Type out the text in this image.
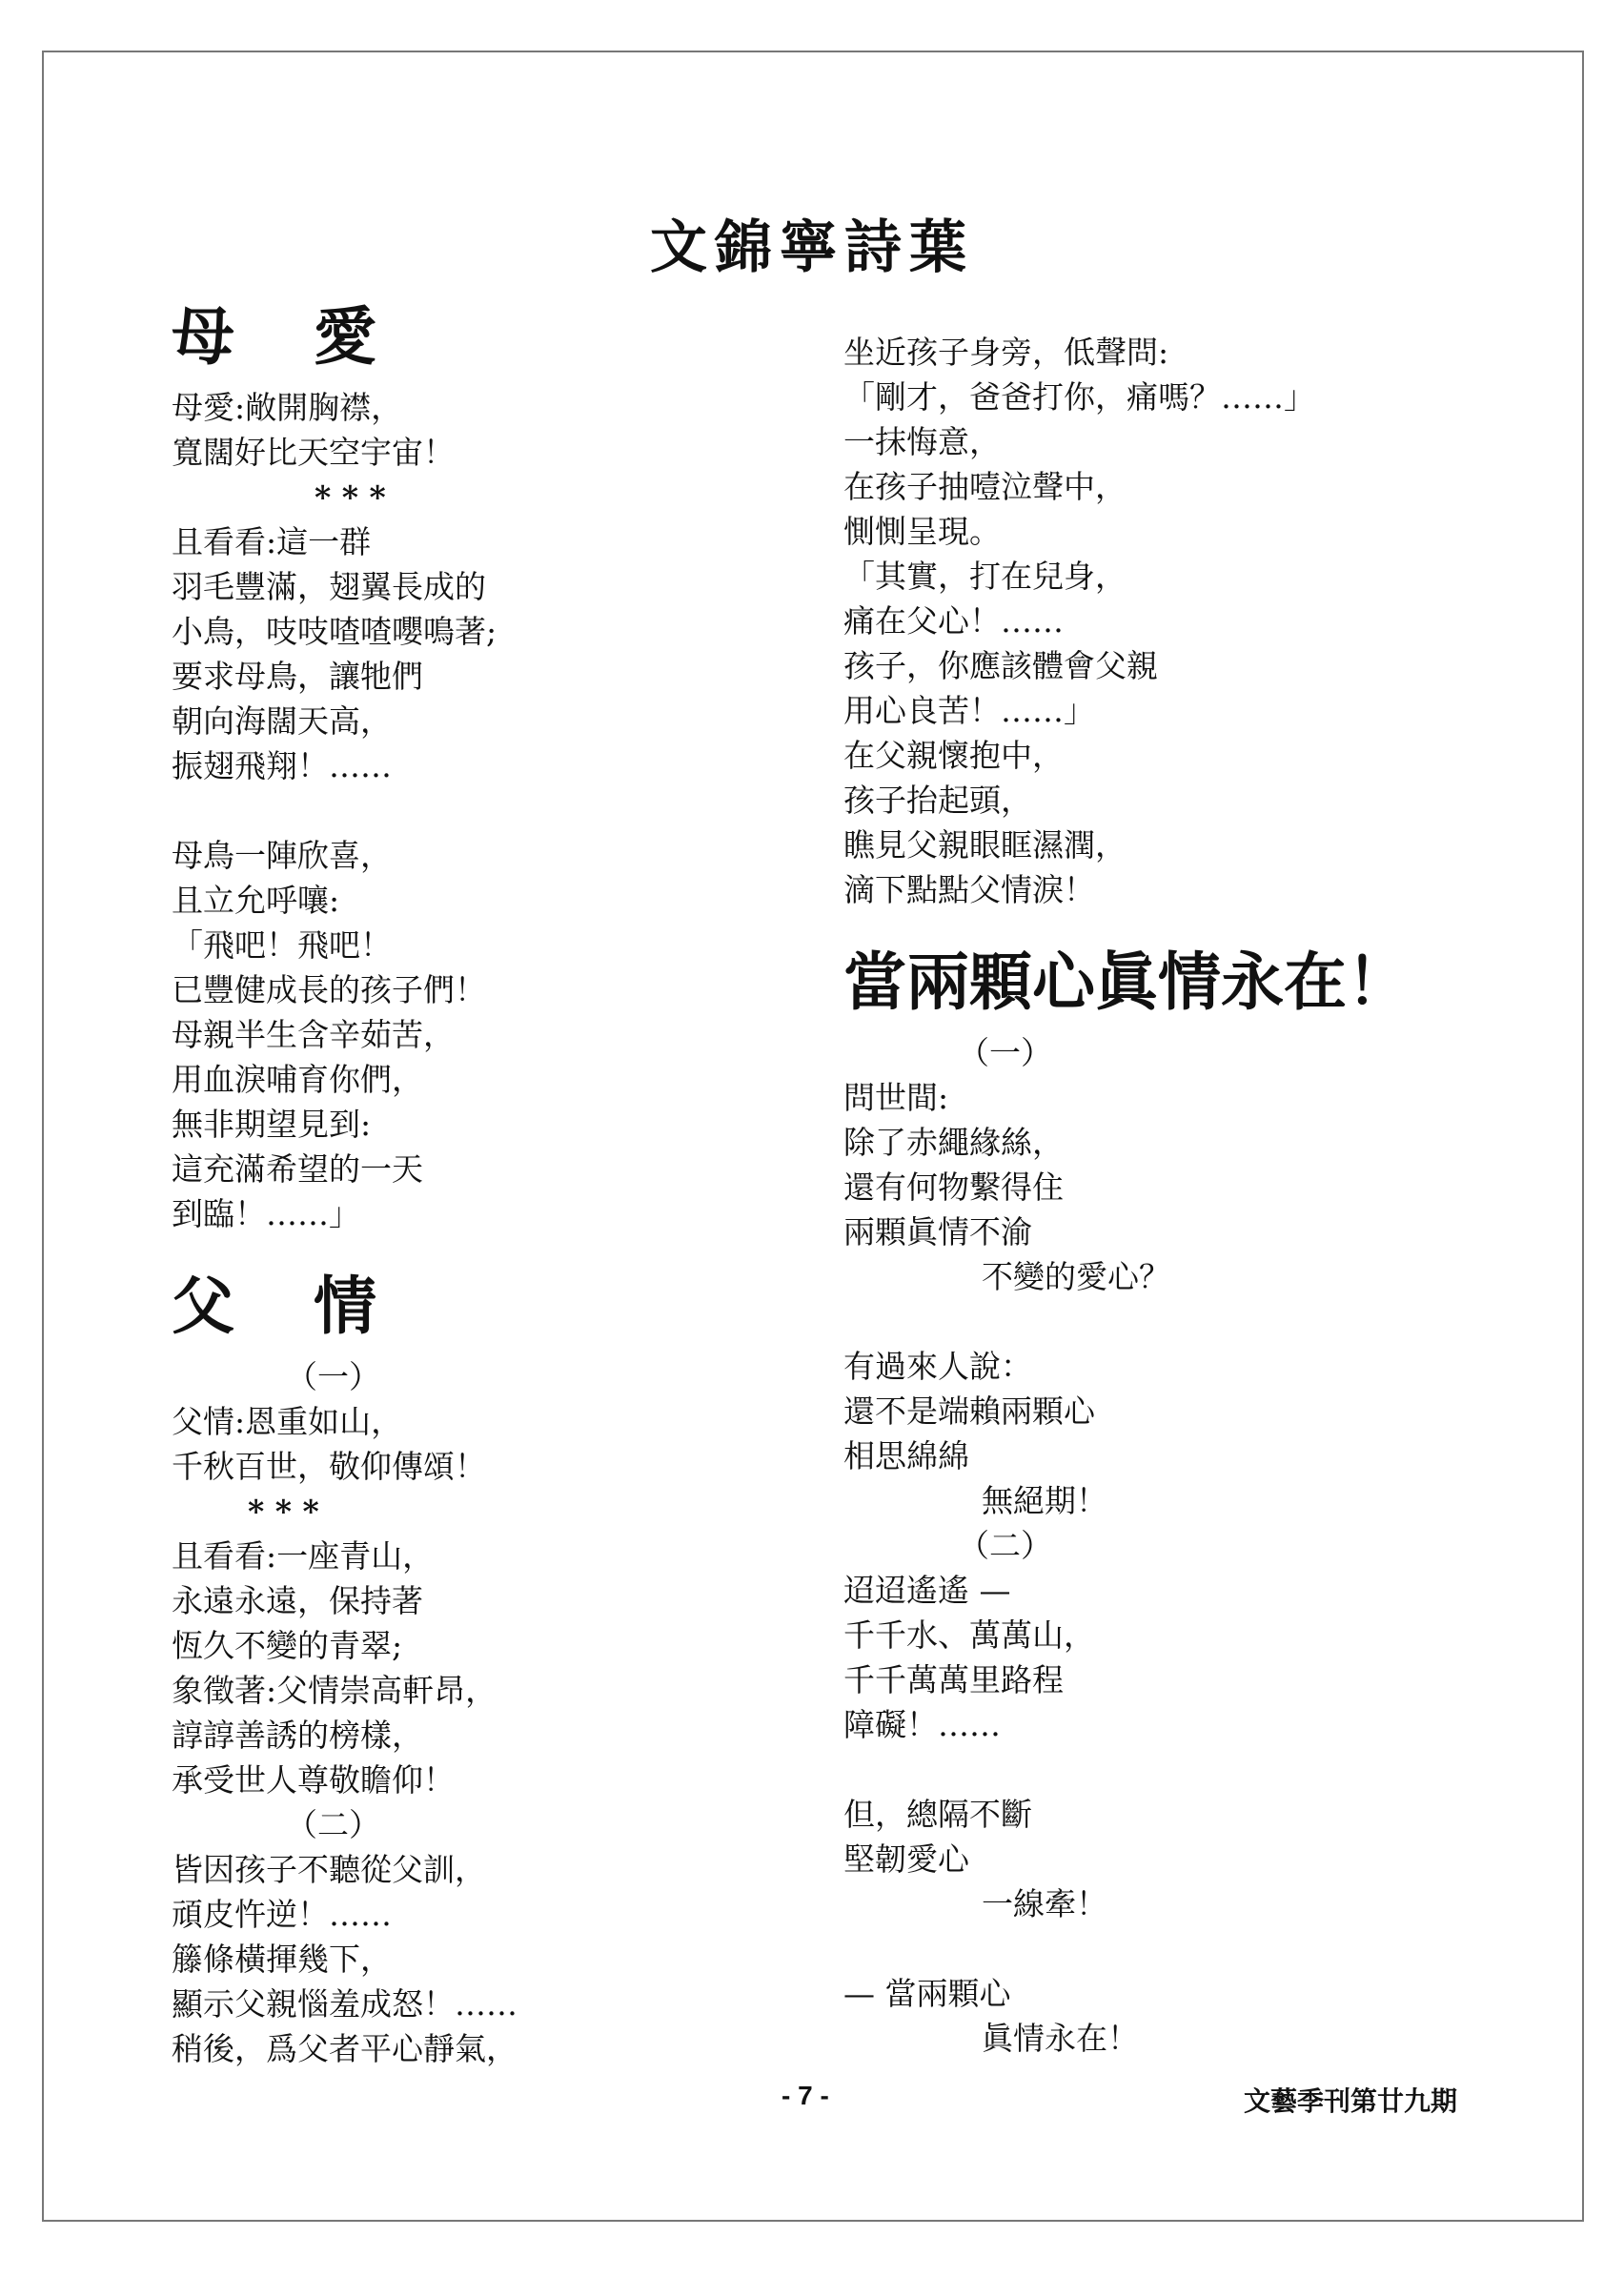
文錦寧詩葉
母 愛
母愛:敞開胸襟，
寬闊好比天空宇宙！
* * *
且看看:這一群
羽毛豐滿，翅翼長成的
小鳥，吱吱喳喳嚶鳴著;
要求母鳥，讓牠們
朝向海闊天高，
振翅飛翔！……
母鳥一陣欣喜，
且立允呼嚷:
「飛吧！飛吧！
已豐健成長的孩子們！
母親半生含辛茹苦，
用血淚哺育你們，
無非期望見到:
這充滿希望的一天
到臨！……」
父 情
（一）
父情:恩重如山，
千秋百世，敬仰傳頌！
* * *
且看看:一座青山，
永遠永遠，保持著
恆久不變的青翠;
象徵著:父情崇高軒昂，
諄諄善誘的榜樣，
承受世人尊敬瞻仰！
（二）
皆因孩子不聽從父訓，
頑皮忤逆！……
籐條橫揮幾下，
顯示父親惱羞成怒！……
稍後，爲父者平心靜氣，
坐近孩子身旁，低聲問:
「剛才，爸爸打你，痛嗎？……」
一抹悔意，
在孩子抽噎泣聲中，
惻惻呈現。
「其實，打在兒身，
痛在父心！……
孩子，你應該體會父親
用心良苦！……」
在父親懷抱中，
孩子抬起頭，
瞧見父親眼眶濕潤，
滴下點點父情淚！
當兩顆心眞情永在！
（一）
問世間:
除了赤繩緣絲，
還有何物繫得住
兩顆眞情不渝
不變的愛心？
有過來人說：
還不是端賴兩顆心
相思綿綿
無絕期！
（二）
迢迢遙遙 —
千千水、萬萬山，
千千萬萬里路程
障礙！……
但，總隔不斷
堅韌愛心
一線牽！
— 當兩顆心
眞情永在！
- 7 -	文藝季刊第廿九期
